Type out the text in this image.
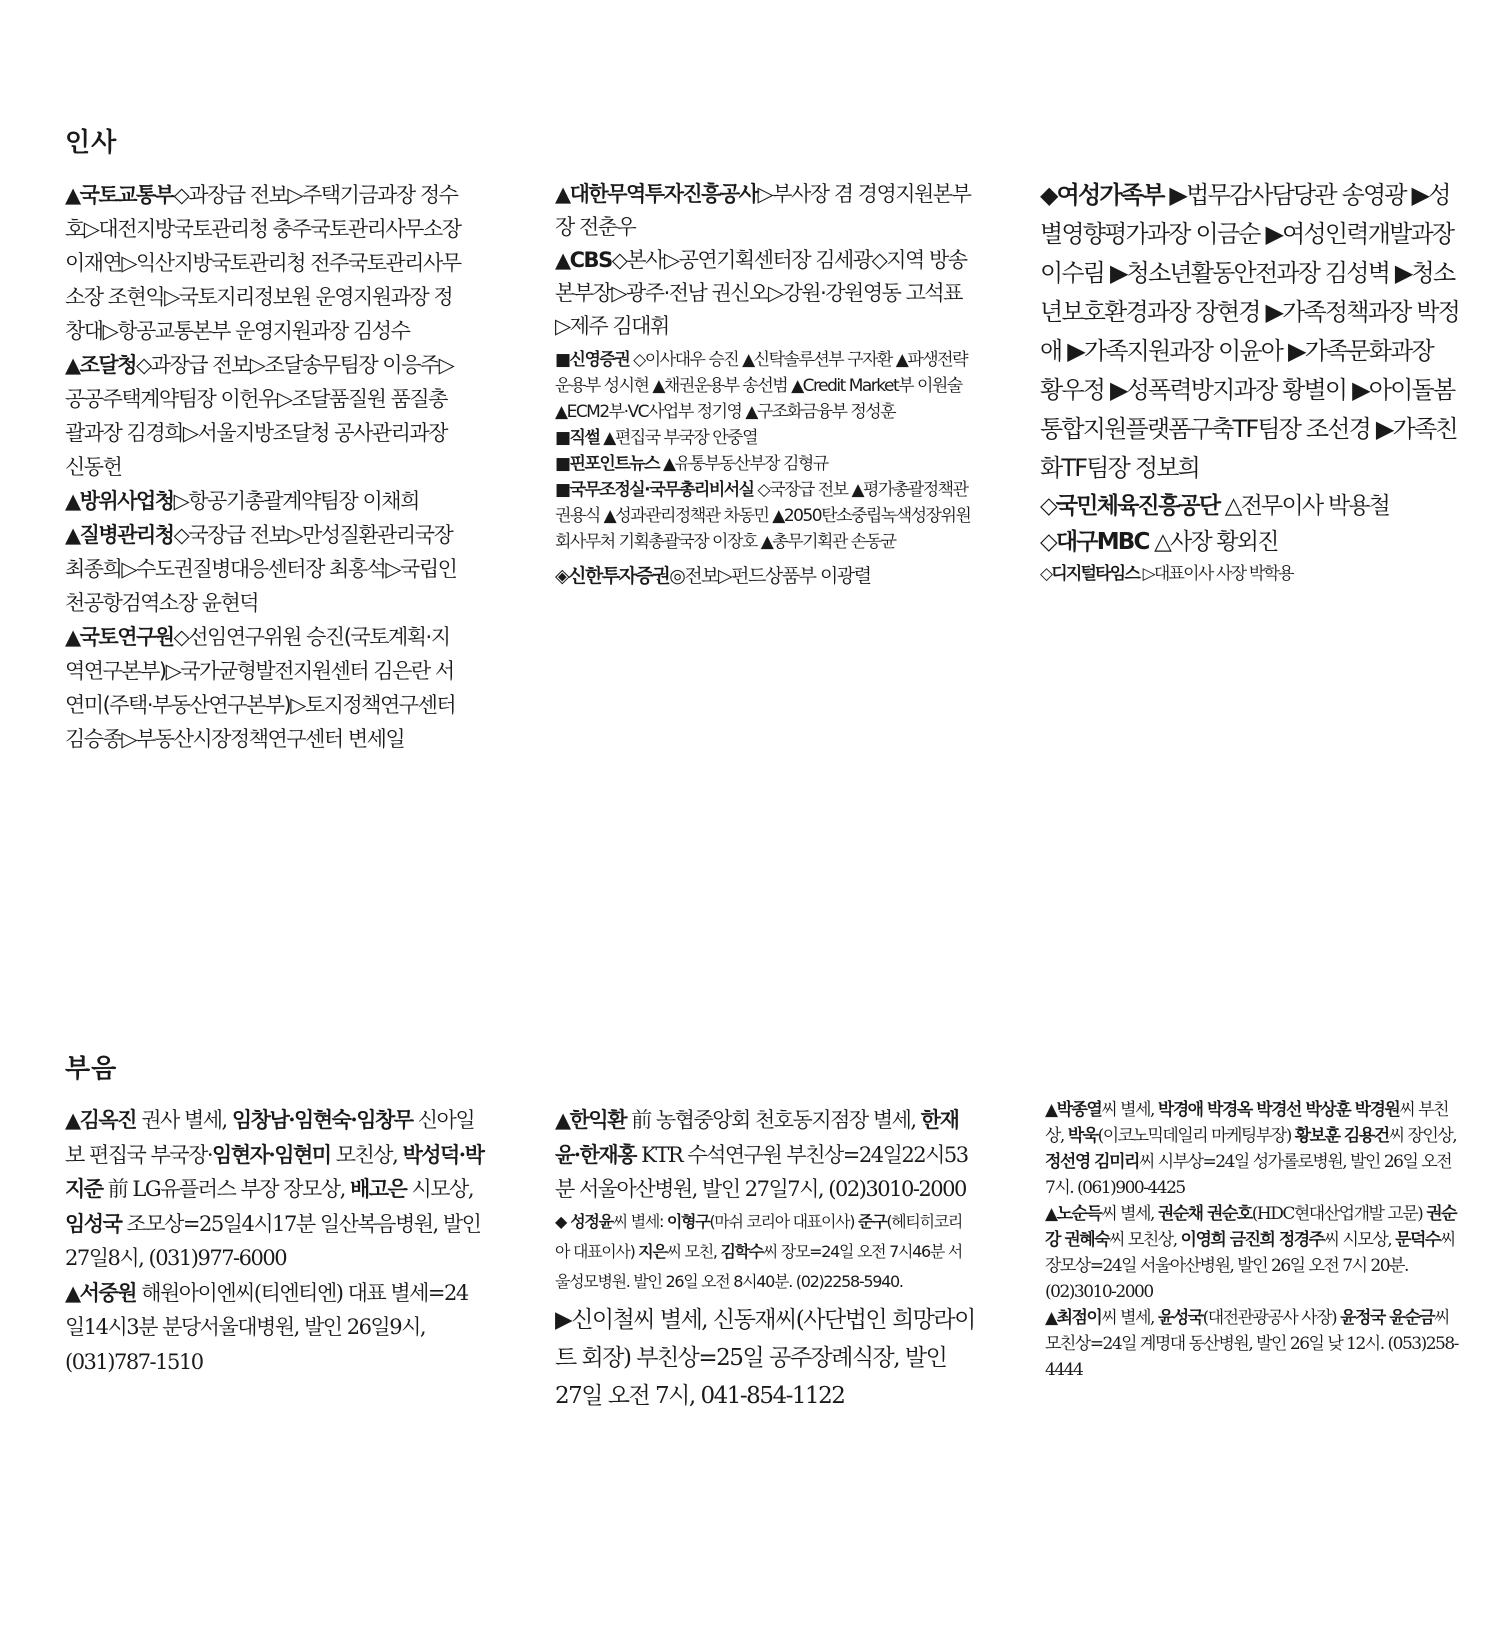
인사

▲국토교통부◇과장급 전보▷주택기금과장 정수호▷대전지방국토관리청 충주국토관리사무소장 이재연▷익산지방국토관리청 전주국토관리사무소장 조현익▷국토지리정보원 운영지원과장 정창대▷항공교통본부 운영지원과장 김성수

▲조달청◇과장급 전보▷조달송무팀장 이응주▷공공주택계약팀장 이헌우▷조달품질원 품질총괄과장 김경희▷서울지방조달청 공사관리과장 신동헌

▲방위사업청▷항공기총괄계약팀장 이채희

▲질병관리청◇국장급 전보▷만성질환관리국장 최종희▷수도권질병대응센터장 최홍석▷국립인천공항검역소장 윤현덕

▲국토연구원◇선임연구위원 승진(국토계획·지역연구본부)▷국가균형발전지원센터 김은란 서연미(주택·부동산연구본부)▷토지정책연구센터 김승종▷부동산시장정책연구센터 변세일

▲대한무역투자진흥공사▷부사장 겸 경영지원본부장 전춘우

▲CBS◇본사▷공연기획센터장 김세광◇지역 방송본부장▷광주·전남 권신오▷강원·강원영동 고석표▷제주 김대휘

■신영증권 ◇이사대우 승진 ▲신탁솔루션부 구자환 ▲파생전략운용부 성시현 ▲채권운용부 송선범 ▲Credit Market부 이원술 ▲ECM2부·VC사업부 정기영 ▲구조화금융부 정성훈

■직썰 ▲편집국 부국장 안중열

■핀포인트뉴스 ▲유통부동산부장 김형규

■국무조정실·국무총리비서실 ◇국장급 전보 ▲평가총괄정책관 권용식 ▲성과관리정책관 차동민 ▲2050탄소중립녹색성장위원회사무처 기획총괄국장 이장호 ▲총무기획관 손동균

◈신한투자증권◎전보▷펀드상품부 이광렬

◆여성가족부 ▶법무감사담당관 송영광 ▶성별영향평가과장 이금순 ▶여성인력개발과장 이수림 ▶청소년활동안전과장 김성벽 ▶청소년보호환경과장 장현경 ▶가족정책과장 박정애 ▶가족지원과장 이윤아 ▶가족문화과장 황우정 ▶성폭력방지과장 황별이 ▶아이돌봄통합지원플랫폼구축TF팀장 조선경 ▶가족친화TF팀장 정보희

◇국민체육진흥공단 △전무이사 박용철

◇대구MBC △사장 황외진

◇디지털타임스 ▷대표이사 사장 박학용

부음

▲김옥진 권사 별세, 임창남·임현숙·임창무 신아일보 편집국 부국장·임현자·임현미 모친상, 박성덕·박지준 前 LG유플러스 부장 장모상, 배고은 시모상, 임성국 조모상=25일4시17분 일산복음병원, 발인 27일8시, (031)977-6000

▲서중원 해원아이엔씨(티엔티엔) 대표 별세=24일14시3분 분당서울대병원, 발인 26일9시, (031)787-1510

▲한익환 前 농협중앙회 천호동지점장 별세, 한재윤·한재홍 KTR 수석연구원 부친상=24일22시53분 서울아산병원, 발인 27일7시, (02)3010-2000

◆ 성정윤씨 별세: 이형구(마쉬 코리아 대표이사) 준구(헤티히코리아 대표이사) 지은씨 모친, 김학수씨 장모=24일 오전 7시46분 서울성모병원. 발인 26일 오전 8시40분. (02)2258-5940.

▶신이철씨 별세, 신동재씨(사단법인 희망라이트 회장) 부친상=25일 공주장례식장, 발인 27일 오전 7시, 041-854-1122

▲박종열씨 별세, 박경애 박경옥 박경선 박상훈 박경원씨 부친상, 박욱(이코노믹데일리 마케팅부장) 황보훈 김용건씨 장인상, 정선영 김미리씨 시부상=24일 성가롤로병원, 발인 26일 오전 7시. (061)900-4425

▲노순득씨 별세, 권순채 권순호(HDC현대산업개발 고문) 권순강 권혜숙씨 모친상, 이영희 금진희 정경주씨 시모상, 문덕수씨 장모상=24일 서울아산병원, 발인 26일 오전 7시 20분. (02)3010-2000

▲최점이씨 별세, 윤성국(대전관광공사 사장) 윤정국 윤순금씨 모친상=24일 계명대 동산병원, 발인 26일 낮 12시. (053)258-4444
